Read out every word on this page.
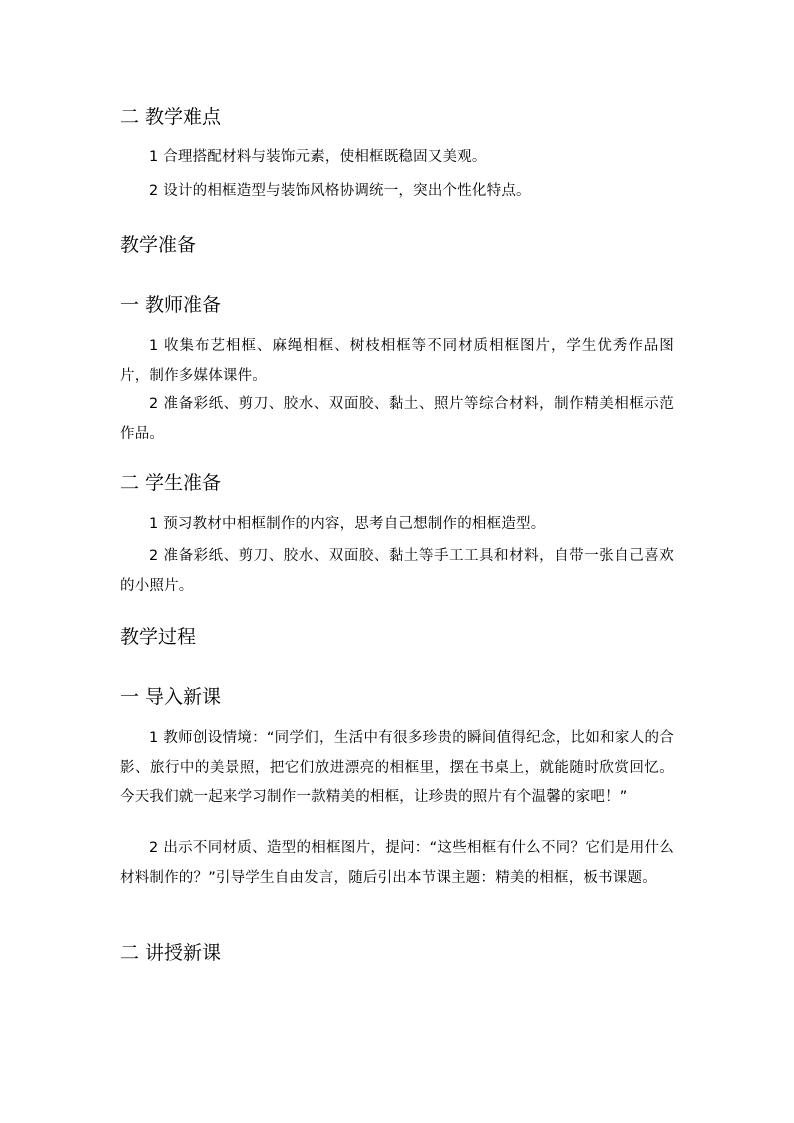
二 教学难点

1 合理搭配材料与装饰元素，使相框既稳固又美观。

2 设计的相框造型与装饰风格协调统一，突出个性化特点。

教学准备
一 教师准备

1 收集布艺相框、麻绳相框、树枝相框等不同材质相框图片，学生优秀作品图片，制作多媒体课件。

2 准备彩纸、剪刀、胶水、双面胶、黏土、照片等综合材料，制作精美相框示范作品。

二 学生准备

1 预习教材中相框制作的内容，思考自己想制作的相框造型。

2 准备彩纸、剪刀、胶水、双面胶、黏土等手工工具和材料，自带一张自己喜欢的小照片。

教学过程
一 导入新课

1 教师创设情境：“同学们，生活中有很多珍贵的瞬间值得纪念，比如和家人的合影、旅行中的美景照，把它们放进漂亮的相框里，摆在书桌上，就能随时欣赏回忆。今天我们就一起来学习制作一款精美的相框，让珍贵的照片有个温馨的家吧！”

2 出示不同材质、造型的相框图片，提问：“这些相框有什么不同？它们是用什么材料制作的？”引导学生自由发言，随后引出本节课主题：精美的相框，板书课题。

二 讲授新课
